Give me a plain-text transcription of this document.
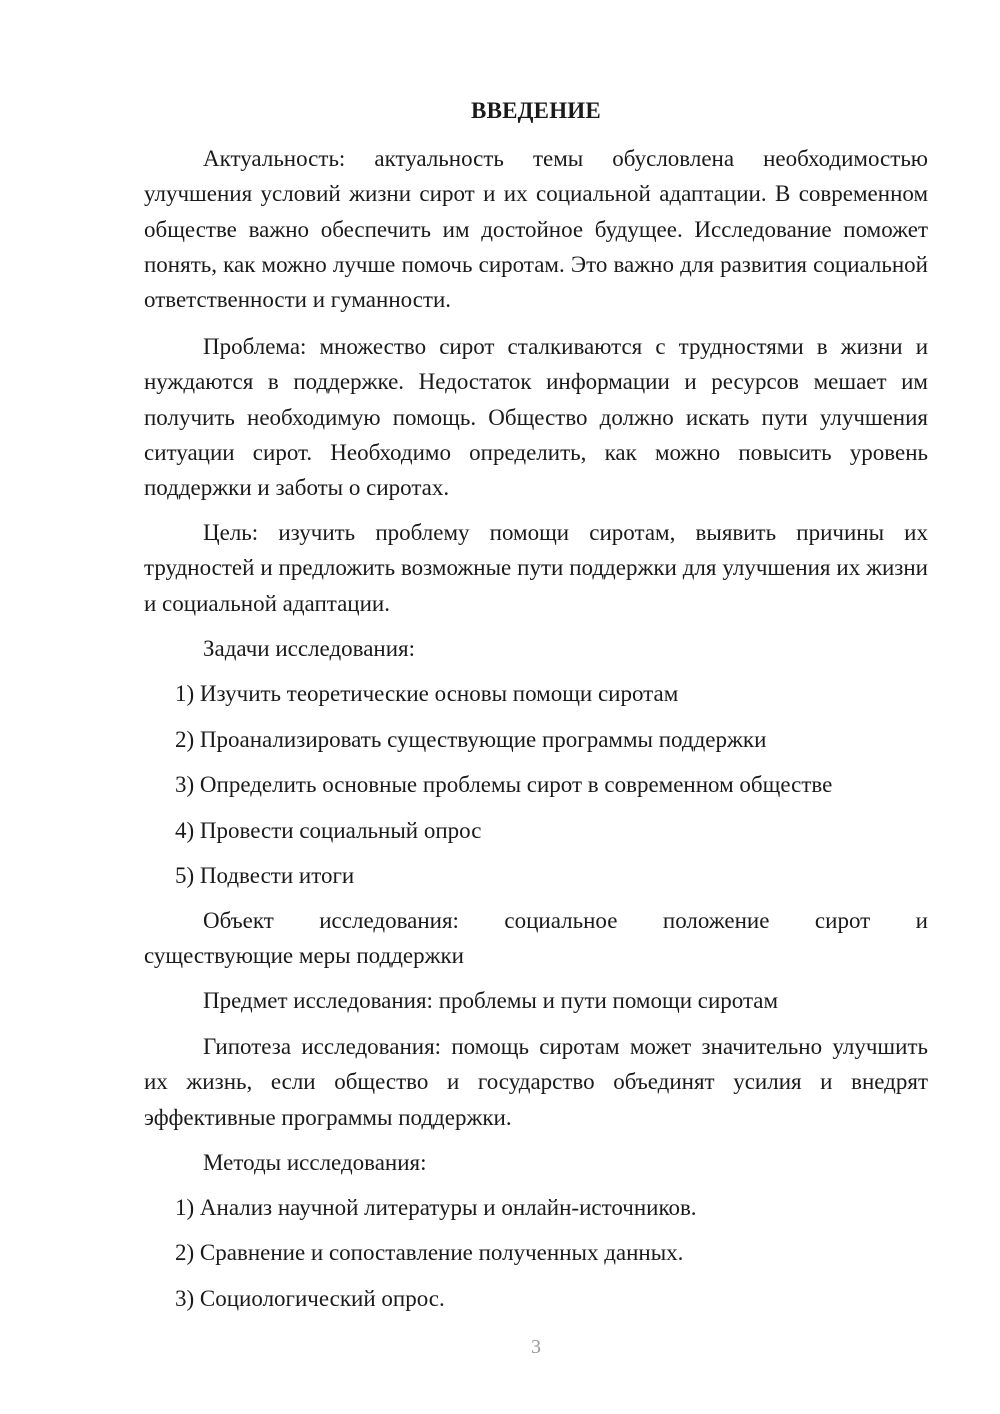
ВВЕДЕНИЕ

Актуальность: актуальность темы обусловлена необходимостью улучшения условий жизни сирот и их социальной адаптации. В современном обществе важно обеспечить им достойное будущее. Исследование поможет понять, как можно лучше помочь сиротам. Это важно для развития социальной ответственности и гуманности.

Проблема: множество сирот сталкиваются с трудностями в жизни и нуждаются в поддержке. Недостаток информации и ресурсов мешает им получить необходимую помощь. Общество должно искать пути улучшения ситуации сирот. Необходимо определить, как можно повысить уровень поддержки и заботы о сиротах.

Цель: изучить проблему помощи сиротам, выявить причины их трудностей и предложить возможные пути поддержки для улучшения их жизни и социальной адаптации.

Задачи исследования:
1) Изучить теоретические основы помощи сиротам
2) Проанализировать существующие программы поддержки
3) Определить основные проблемы сирот в современном обществе
4) Провести социальный опрос
5) Подвести итоги
Объект исследования: социальное положение сирот и
существующие меры поддержки
Предмет исследования: проблемы и пути помощи сиротам

Гипотеза исследования: помощь сиротам может значительно улучшить их жизнь, если общество и государство объединят усилия и внедрят эффективные программы поддержки.

Методы исследования:
1) Анализ научной литературы и онлайн-источников.
2) Сравнение и сопоставление полученных данных.
3) Социологический опрос.
3
